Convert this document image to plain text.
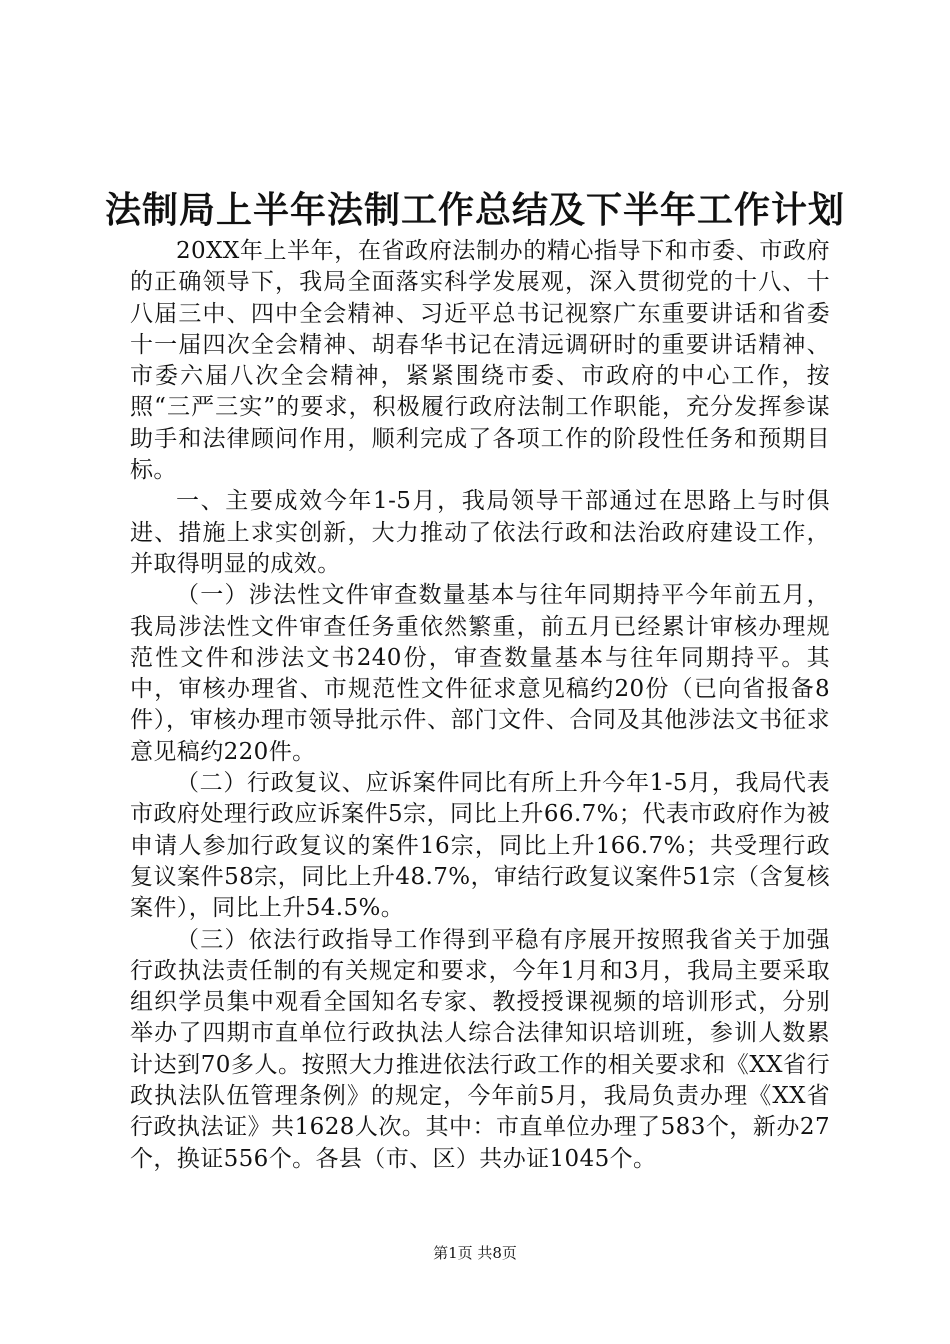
法制局上半年法制工作总结及下半年工作计划

20XX年上半年，在省政府法制办的精心指导下和市委、市政府的正确领导下，我局全面落实科学发展观，深入贯彻党的十八、十八届三中、四中全会精神、习近平总书记视察广东重要讲话和省委十一届四次全会精神、胡春华书记在清远调研时的重要讲话精神、市委六届八次全会精神，紧紧围绕市委、市政府的中心工作，按照“三严三实”的要求，积极履行政府法制工作职能，充分发挥参谋助手和法律顾问作用，顺利完成了各项工作的阶段性任务和预期目标。

一、主要成效今年1-5月，我局领导干部通过在思路上与时俱进、措施上求实创新，大力推动了依法行政和法治政府建设工作，并取得明显的成效。

（一）涉法性文件审查数量基本与往年同期持平今年前五月，我局涉法性文件审查任务重依然繁重，前五月已经累计审核办理规范性文件和涉法文书240份，审查数量基本与往年同期持平。其中，审核办理省、市规范性文件征求意见稿约20份（已向省报备8件），审核办理市领导批示件、部门文件、合同及其他涉法文书征求意见稿约220件。

（二）行政复议、应诉案件同比有所上升今年1-5月，我局代表市政府处理行政应诉案件5宗，同比上升66.7%；代表市政府作为被申请人参加行政复议的案件16宗，同比上升166.7%；共受理行政复议案件58宗，同比上升48.7%，审结行政复议案件51宗（含复核案件），同比上升54.5%。

（三）依法行政指导工作得到平稳有序展开按照我省关于加强行政执法责任制的有关规定和要求，今年1月和3月，我局主要采取组织学员集中观看全国知名专家、教授授课视频的培训形式，分别举办了四期市直单位行政执法人综合法律知识培训班，参训人数累计达到70多人。按照大力推进依法行政工作的相关要求和《XX省行政执法队伍管理条例》的规定，今年前5月，我局负责办理《XX省行政执法证》共1628人次。其中：市直单位办理了583个，新办27个，换证556个。各县（市、区）共办证1045个。

第1页 共8页
